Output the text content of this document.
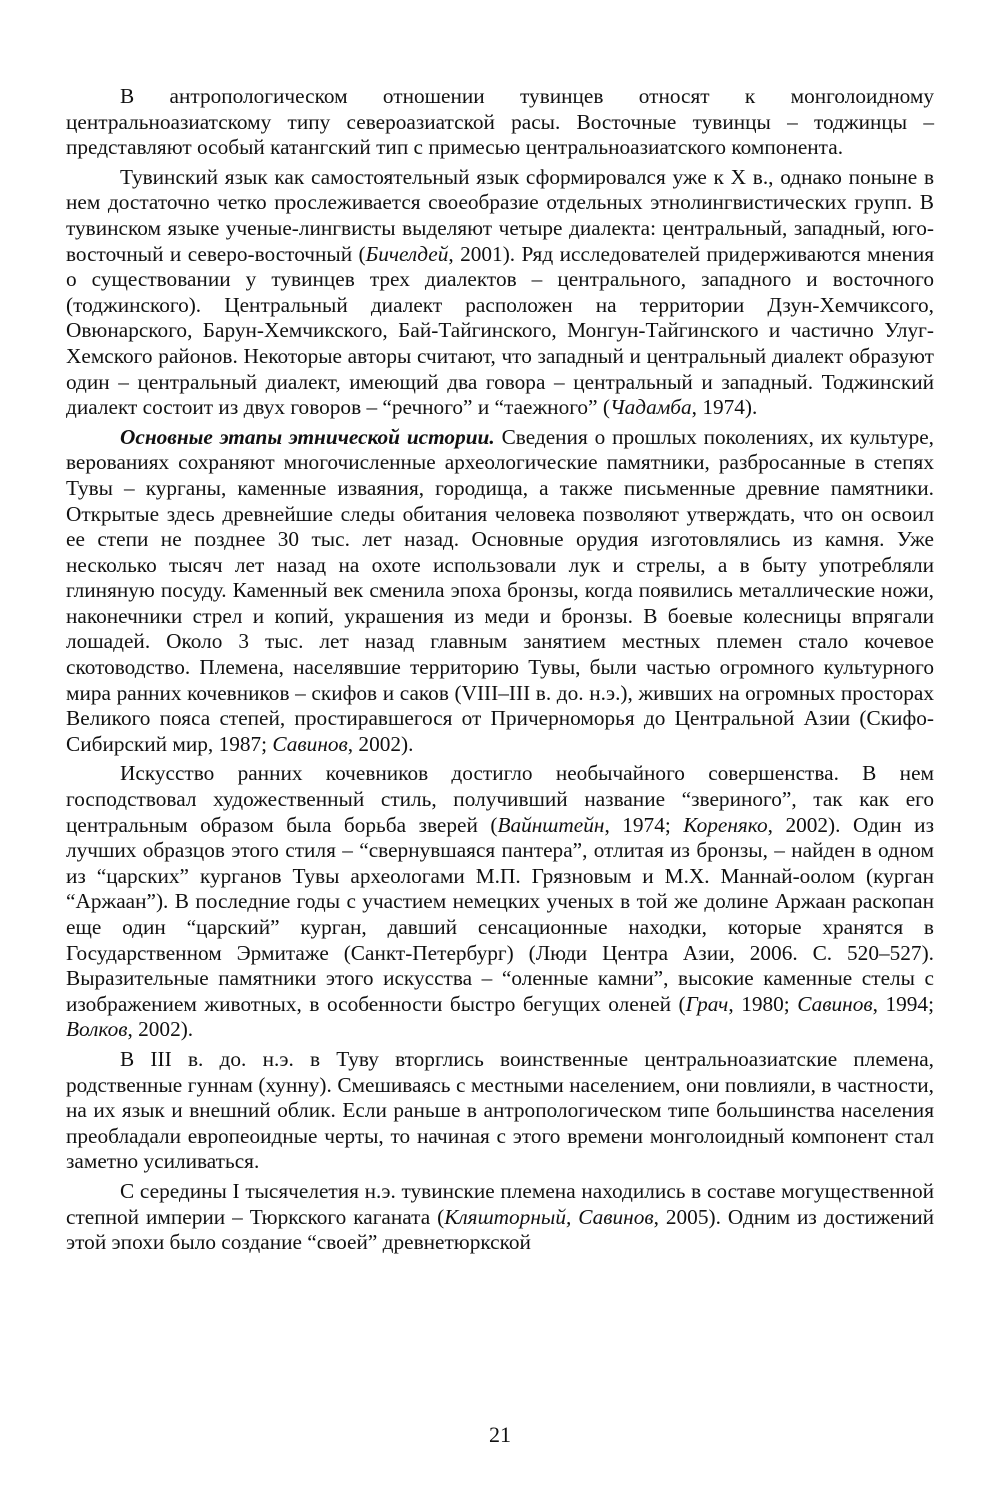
В антропологическом отношении тувинцев относят к монголоидному центральноазиатскому типу североазиатской расы. Восточные тувинцы – тоджинцы – представляют особый катангский тип с примесью центральноазиатского компонента.

Тувинский язык как самостоятельный язык сформировался уже к Х в., однако поныне в нем достаточно четко прослеживается своеобразие отдельных этнолингвистических групп. В тувинском языке ученые-лингвисты выделяют четыре диалекта: центральный, западный, юго-восточный и северо-восточный (Бичелдей, 2001). Ряд исследователей придерживаются мнения о существовании у тувинцев трех диалектов – центрального, западного и восточного (тоджинского). Центральный диалект расположен на территории Дзун-Хемчиксого, Овюнарского, Барун-Хемчикского, Бай-Тайгинского, Монгун-Тайгинского и частично Улуг-Хемского районов. Некоторые авторы считают, что западный и центральный диалект образуют один – центральный диалект, имеющий два говора – центральный и западный. Тоджинский диалект состоит из двух говоров – “речного” и “таежного” (Чадамба, 1974).

Основные этапы этнической истории. Сведения о прошлых поколениях, их культуре, верованиях сохраняют многочисленные археологические памятники, разбросанные в степях Тувы – курганы, каменные изваяния, городища, а также письменные древние памятники. Открытые здесь древнейшие следы обитания человека позволяют утверждать, что он освоил ее степи не позднее 30 тыс. лет назад. Основные орудия изготовлялись из камня. Уже несколько тысяч лет назад на охоте использовали лук и стрелы, а в быту употребляли глиняную посуду. Каменный век сменила эпоха бронзы, когда появились металлические ножи, наконечники стрел и копий, украшения из меди и бронзы. В боевые колесницы впрягали лошадей. Около 3 тыс. лет назад главным занятием местных племен стало кочевое скотоводство. Племена, населявшие территорию Тувы, были частью огромного культурного мира ранних кочевников – скифов и саков (VIII–III в. до. н.э.), живших на огромных просторах Великого пояса степей, простиравшегося от Причерноморья до Центральной Азии (Скифо-Сибирский мир, 1987; Савинов, 2002).

Искусство ранних кочевников достигло необычайного совершенства. В нем господствовал художественный стиль, получивший название “звериного”, так как его центральным образом была борьба зверей (Вайнштейн, 1974; Кореняко, 2002). Один из лучших образцов этого стиля – “свернувшаяся пантера”, отлитая из бронзы, – найден в одном из “царских” курганов Тувы археологами М.П. Грязновым и М.Х. Маннай-оолом (курган “Аржаан”). В последние годы с участием немецких ученых в той же долине Аржаан раскопан еще один “царский” курган, давший сенсационные находки, которые хранятся в Государственном Эрмитаже (Санкт-Петербург) (Люди Центра Азии, 2006. С. 520–527). Выразительные памятники этого искусства – “оленные камни”, высокие каменные стелы с изображением животных, в особенности быстро бегущих оленей (Грач, 1980; Савинов, 1994; Волков, 2002).

В III в. до. н.э. в Туву вторглись воинственные центральноазиатские племена, родственные гуннам (хунну). Смешиваясь с местными населением, они повлияли, в частности, на их язык и внешний облик. Если раньше в антропологическом типе большинства населения преобладали европеоидные черты, то начиная с этого времени монголоидный компонент стал заметно усиливаться.

С середины I тысячелетия н.э. тувинские племена находились в составе могущественной степной империи – Тюркского каганата (Кляшторный, Савинов, 2005). Одним из достижений этой эпохи было создание “своей” древнетюркской

21
